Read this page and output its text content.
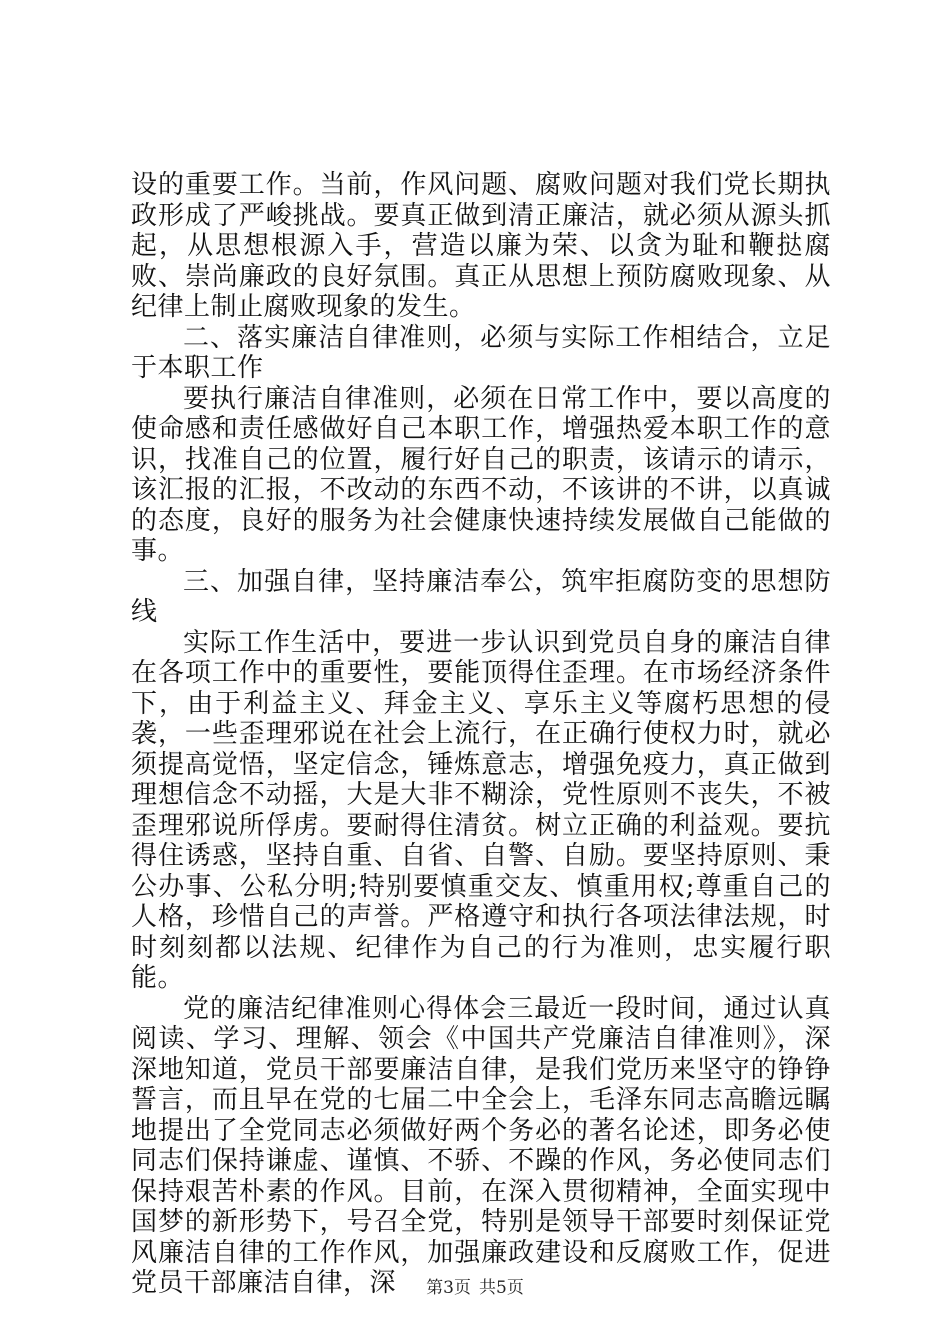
设的重要工作。当前，作风问题、腐败问题对我们党长期执政形成了严峻挑战。要真正做到清正廉洁，就必须从源头抓起，从思想根源入手，营造以廉为荣、以贪为耻和鞭挞腐败、崇尚廉政的良好氛围。真正从思想上预防腐败现象、从纪律上制止腐败现象的发生。

二、落实廉洁自律准则，必须与实际工作相结合，立足于本职工作

要执行廉洁自律准则，必须在日常工作中，要以高度的使命感和责任感做好自己本职工作，增强热爱本职工作的意识，找准自己的位置，履行好自己的职责，该请示的请示，该汇报的汇报，不改动的东西不动，不该讲的不讲，以真诚的态度，良好的服务为社会健康快速持续发展做自己能做的事。

三、加强自律，坚持廉洁奉公，筑牢拒腐防变的思想防线

实际工作生活中，要进一步认识到党员自身的廉洁自律在各项工作中的重要性，要能顶得住歪理。在市场经济条件下，由于利益主义、拜金主义、享乐主义等腐朽思想的侵袭，一些歪理邪说在社会上流行，在正确行使权力时，就必须提高觉悟，坚定信念，锤炼意志，增强免疫力，真正做到理想信念不动摇，大是大非不糊涂，党性原则不丧失，不被歪理邪说所俘虏。要耐得住清贫。树立正确的利益观。要抗得住诱惑，坚持自重、自省、自警、自励。要坚持原则、秉公办事、公私分明;特别要慎重交友、慎重用权;尊重自己的人格，珍惜自己的声誉。严格遵守和执行各项法律法规，时时刻刻都以法规、纪律作为自己的行为准则，忠实履行职能。

党的廉洁纪律准则心得体会三最近一段时间，通过认真阅读、学习、理解、领会《中国共产党廉洁自律准则》，深深地知道，党员干部要廉洁自律，是我们党历来坚守的铮铮誓言，而且早在党的七届二中全会上，毛泽东同志高瞻远瞩地提出了全党同志必须做好两个务必的著名论述，即务必使同志们保持谦虚、谨慎、不骄、不躁的作风，务必使同志们保持艰苦朴素的作风。目前，在深入贯彻精神，全面实现中国梦的新形势下，号召全党，特别是领导干部要时刻保证党风廉洁自律的工作作风，加强廉政建设和反腐败工作，促进党员干部廉洁自律，深	第3页 共5页
